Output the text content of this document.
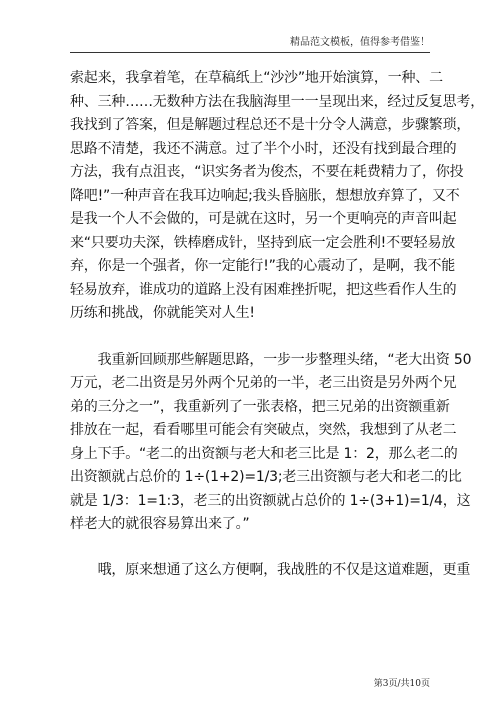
精品范文模板，值得参考借鉴！

索起来，我拿着笔，在草稿纸上“沙沙”地开始演算，一种、二
种、三种……无数种方法在我脑海里一一呈现出来，经过反复思考，
我找到了答案，但是解题过程总还不是十分令人满意，步骤繁琐，
思路不清楚，我还不满意。过了半个小时，还没有找到最合理的
方法，我有点沮丧，“识实务者为俊杰，不要在耗费精力了，你投
降吧!”一种声音在我耳边响起;我头昏脑胀，想想放弃算了，又不
是我一个人不会做的，可是就在这时，另一个更响亮的声音叫起
来“只要功夫深，铁棒磨成针，坚持到底一定会胜利!不要轻易放
弃，你是一个强者，你一定能行!”我的心震动了，是啊，我不能
轻易放弃，谁成功的道路上没有困难挫折呢，把这些看作人生的
历练和挑战，你就能笑对人生!

　　我重新回顾那些解题思路，一步一步整理头绪，“老大出资 50
万元，老二出资是另外两个兄弟的一半，老三出资是另外两个兄
弟的三分之一”，我重新列了一张表格，把三兄弟的出资额重新
排放在一起，看看哪里可能会有突破点，突然，我想到了从老二
身上下手。“老二的出资额与老大和老三比是 1：2，那么老二的
出资额就占总价的 1÷(1+2)=1/3;老三出资额与老大和老二的比
就是 1/3：1=1:3，老三的出资额就占总价的 1÷(3+1)=1/4，这
样老大的就很容易算出来了。”

　　哦，原来想通了这么方便啊，我战胜的不仅是这道难题，更重

第3页/共10页
